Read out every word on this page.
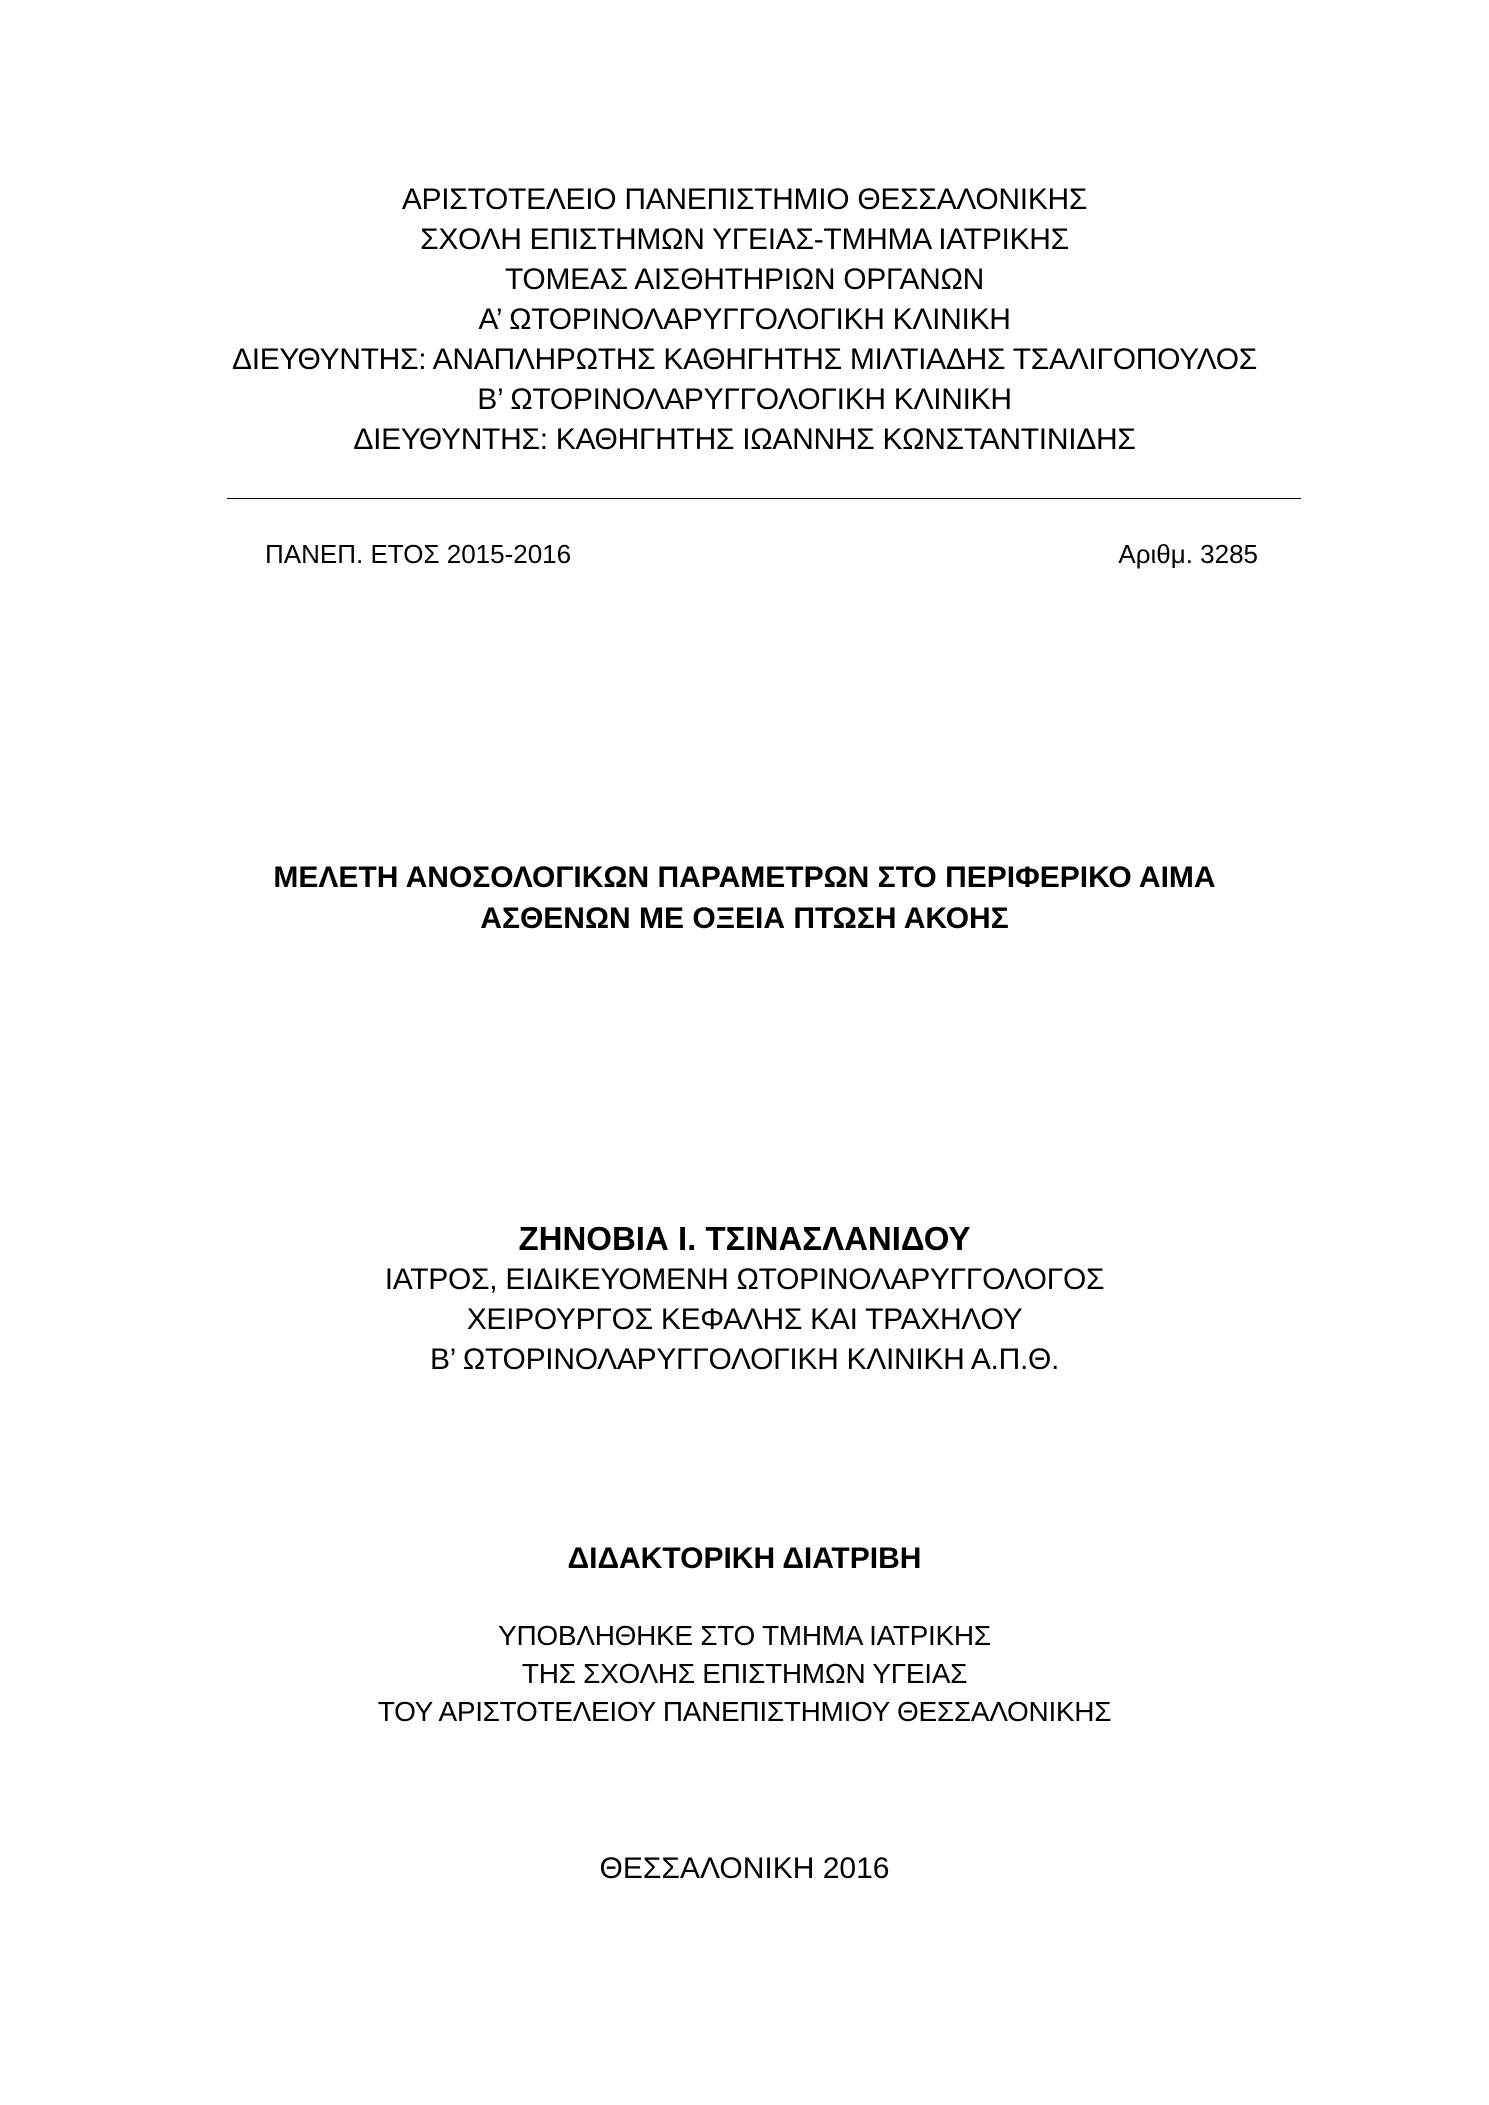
ΑΡΙΣΤΟΤΕΛΕΙΟ ΠΑΝΕΠΙΣΤΗΜΙΟ ΘΕΣΣΑΛΟΝΙΚΗΣ
ΣΧΟΛΗ ΕΠΙΣΤΗΜΩΝ ΥΓΕΙΑΣ-ΤΜΗΜΑ ΙΑΤΡΙΚΗΣ
ΤΟΜΕΑΣ ΑΙΣΘΗΤΗΡΙΩΝ ΟΡΓΑΝΩΝ
Α’ ΩΤΟΡΙΝΟΛΑΡΥΓΓΟΛΟΓΙΚΗ ΚΛΙΝΙΚΗ
ΔΙΕΥΘΥΝΤΗΣ: ΑΝΑΠΛΗΡΩΤΗΣ ΚΑΘΗΓΗΤΗΣ ΜΙΛΤΙΑΔΗΣ ΤΣΑΛΙΓΟΠΟΥΛΟΣ
Β’ ΩΤΟΡΙΝΟΛΑΡΥΓΓΟΛΟΓΙΚΗ ΚΛΙΝΙΚΗ
ΔΙΕΥΘΥΝΤΗΣ: ΚΑΘΗΓΗΤΗΣ ΙΩΑΝΝΗΣ ΚΩΝΣΤΑΝΤΙΝΙΔΗΣ
ΠΑΝΕΠ. ΕΤΟΣ 2015-2016	Αριθμ. 3285
ΜΕΛΕΤΗ ΑΝΟΣΟΛΟΓΙΚΩΝ ΠΑΡΑΜΕΤΡΩΝ ΣΤΟ ΠΕΡΙΦΕΡΙΚΟ ΑΙΜΑ
ΑΣΘΕΝΩΝ ΜΕ ΟΞΕΙΑ ΠΤΩΣΗ ΑΚΟΗΣ
ΖΗΝΟΒΙΑ Ι. ΤΣΙΝΑΣΛΑΝΙΔΟΥ
ΙΑΤΡΟΣ, ΕΙΔΙΚΕΥΟΜΕΝΗ ΩΤΟΡΙΝΟΛΑΡΥΓΓΟΛΟΓΟΣ
ΧΕΙΡΟΥΡΓΟΣ ΚΕΦΑΛΗΣ ΚΑΙ ΤΡΑΧΗΛΟΥ
Β’ ΩΤΟΡΙΝΟΛΑΡΥΓΓΟΛΟΓΙΚΗ ΚΛΙΝΙΚΗ Α.Π.Θ.
ΔΙΔΑΚΤΟΡΙΚΗ ΔΙΑΤΡΙΒΗ
ΥΠΟΒΛΗΘΗΚΕ ΣΤΟ ΤΜΗΜΑ ΙΑΤΡΙΚΗΣ
ΤΗΣ ΣΧΟΛΗΣ ΕΠΙΣΤΗΜΩΝ ΥΓΕΙΑΣ
ΤΟΥ ΑΡΙΣΤΟΤΕΛΕΙΟΥ ΠΑΝΕΠΙΣΤΗΜΙΟΥ ΘΕΣΣΑΛΟΝΙΚΗΣ
ΘΕΣΣΑΛΟΝΙΚΗ 2016
